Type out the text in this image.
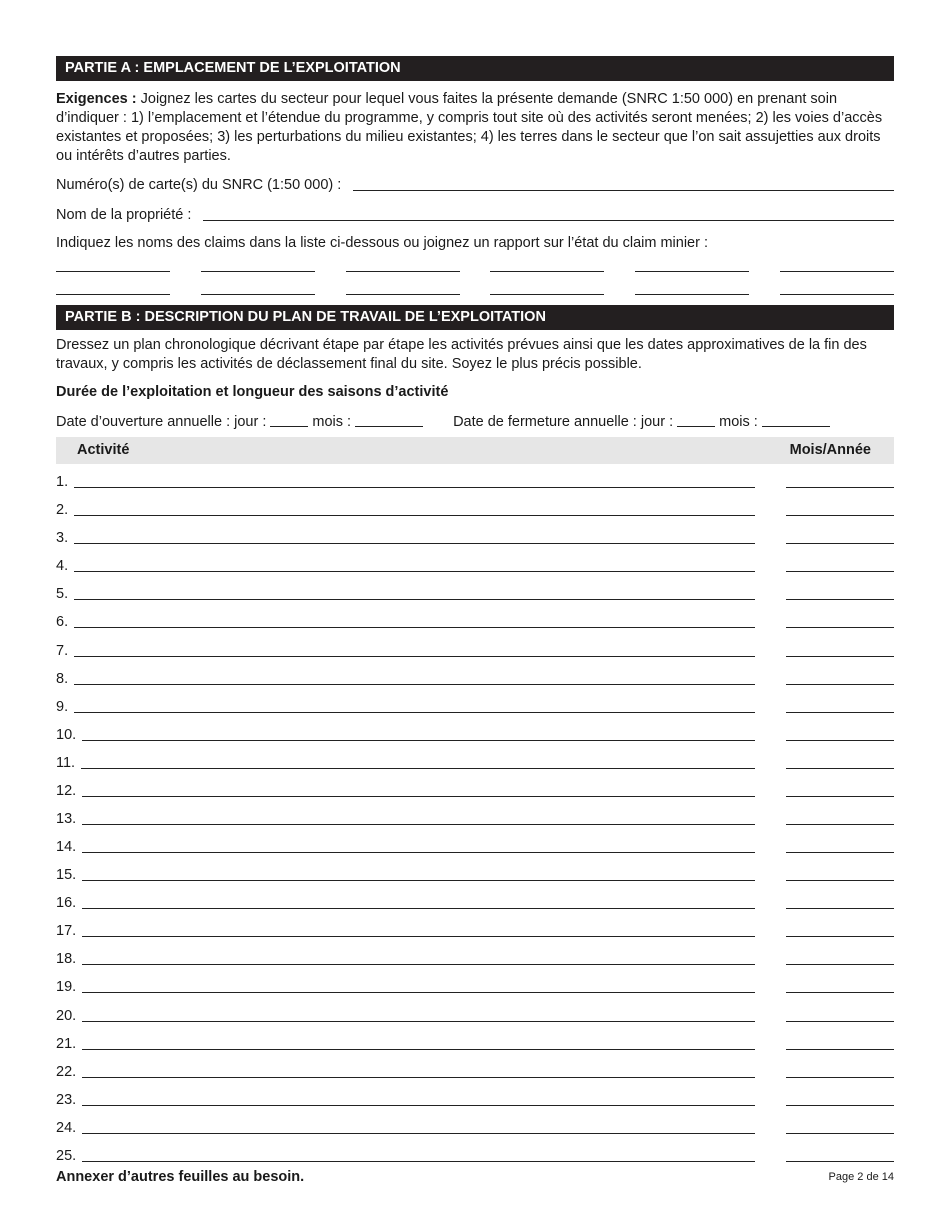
PARTIE A : EMPLACEMENT DE L’EXPLOITATION
Exigences : Joignez les cartes du secteur pour lequel vous faites la présente demande (SNRC 1:50 000) en prenant soin d’indiquer : 1) l’emplacement et l’étendue du programme, y compris tout site où des activités seront menées; 2) les voies d’accès existantes et proposées; 3) les perturbations du milieu existantes; 4) les terres dans le secteur que l’on sait assujetties aux droits ou intérêts d’autres parties.
Numéro(s) de carte(s) du SNRC (1:50 000) :
Nom de la propriété :
Indiquez les noms des claims dans la liste ci-dessous ou joignez un rapport sur l’état du claim minier :
PARTIE B : DESCRIPTION DU PLAN DE TRAVAIL DE L’EXPLOITATION
Dressez un plan chronologique décrivant étape par étape les activités prévues ainsi que les dates approximatives de la fin des travaux, y compris les activités de déclassement final du site. Soyez le plus précis possible.
Durée de l’exploitation et longueur des saisons d’activité
Date d’ouverture annuelle : jour :	mois :	Date de fermeture annuelle : jour :	mois :
Activité	Mois/Année
1.
2.
3.
4.
5.
6.
7.
8.
9.
10.
11.
12.
13.
14.
15.
16.
17.
18.
19.
20.
21.
22.
23.
24.
25.
Annexer d’autres feuilles au besoin.	Page 2 de 14
